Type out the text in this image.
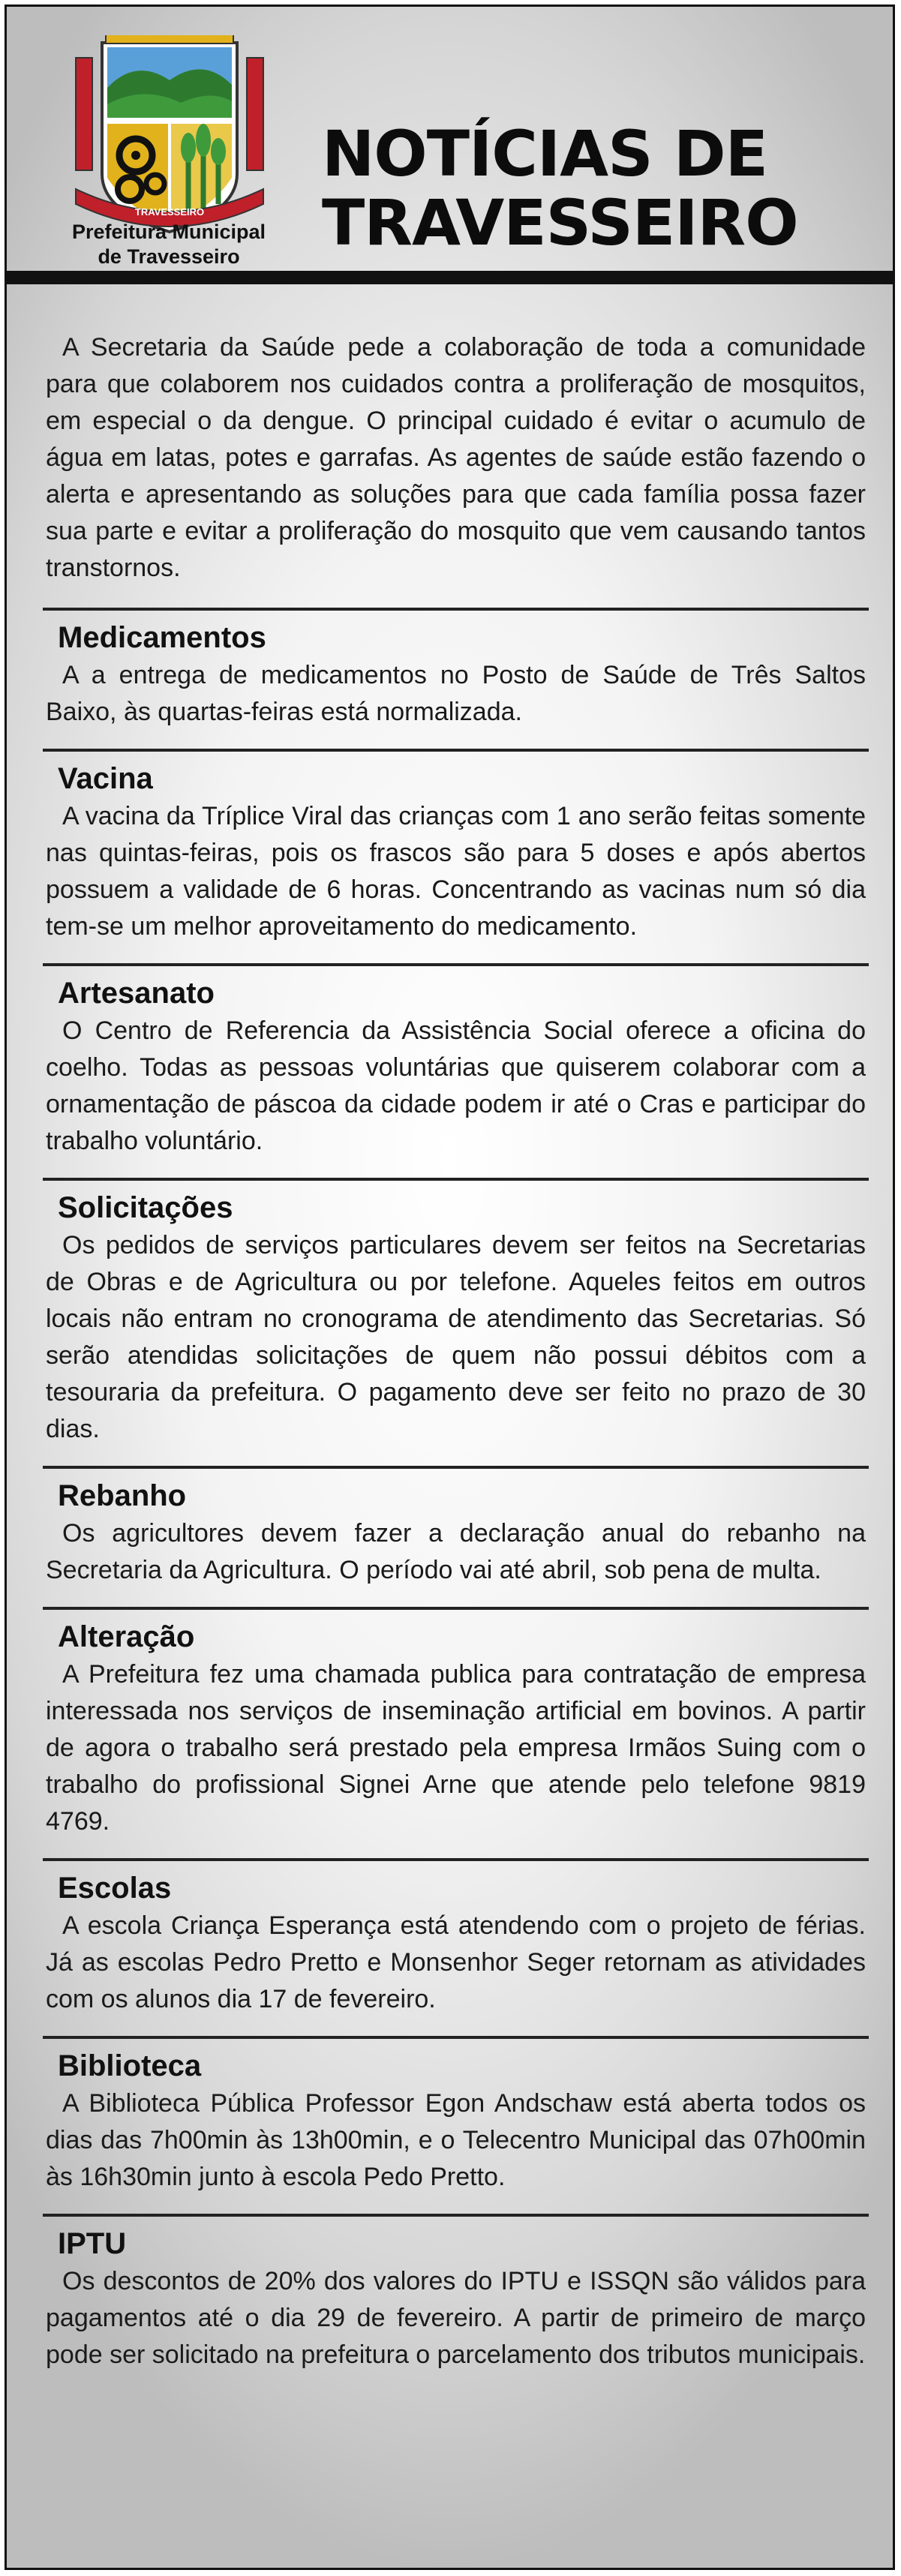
TRAVESSEIRO
Prefeitura Municipal
de Travesseiro
NOTÍCIAS DE TRAVESSEIRO

A Secretaria da Saúde pede a colaboração de toda a comunidade para que colaborem nos cuidados contra a proliferação de mosquitos, em especial o da dengue. O principal cuidado é evitar o acumulo de água em latas, potes e garrafas. As agentes de saúde estão fazendo o alerta e apresentando as soluções para que cada família possa fazer sua parte e evitar a proliferação do mosquito que vem causando tantos transtornos.

Medicamentos

A a entrega de medicamentos no Posto de Saúde de Três Saltos Baixo, às quartas-feiras está normalizada.

Vacina

A vacina da Tríplice Viral das crianças com 1 ano serão feitas somente nas quintas-feiras, pois os frascos são para 5 doses e após abertos possuem a validade de 6 horas. Concentrando as vacinas num só dia tem-se um melhor aproveitamento do medicamento.

Artesanato

O Centro de Referencia da Assistência Social oferece a oficina do coelho. Todas as pessoas voluntárias que quiserem colaborar com a ornamentação de páscoa da cidade podem ir até o Cras e participar do trabalho voluntário.

Solicitações

Os pedidos de serviços particulares devem ser feitos na Secretarias de Obras e de Agricultura ou por telefone. Aqueles feitos em outros locais não entram no cronograma de atendimento das Secretarias. Só serão atendidas solicitações de quem não possui débitos com a tesouraria da prefeitura. O pagamento deve ser feito no prazo de 30 dias.

Rebanho

Os agricultores devem fazer a declaração anual do rebanho na Secretaria da Agricultura. O período vai até abril, sob pena de multa.

Alteração

A Prefeitura fez uma chamada publica para contratação de empresa interessada nos serviços de inseminação artificial em bovinos. A partir de agora o trabalho será prestado pela empresa Irmãos Suing com o trabalho do profissional Signei Arne que atende pelo telefone 9819 4769.

Escolas

A escola Criança Esperança está atendendo com o projeto de férias. Já as escolas Pedro Pretto e Monsenhor Seger retornam as atividades com os alunos dia 17 de fevereiro.

Biblioteca

A Biblioteca Pública Professor Egon Andschaw está aberta todos os dias das 7h00min às 13h00min, e o Telecentro Municipal das 07h00min às 16h30min junto à escola Pedo Pretto.

IPTU

Os descontos de 20% dos valores do IPTU e ISSQN são válidos para pagamentos até o dia 29 de fevereiro. A partir de primeiro de março pode ser solicitado na prefeitura o parcelamento dos tributos municipais.
